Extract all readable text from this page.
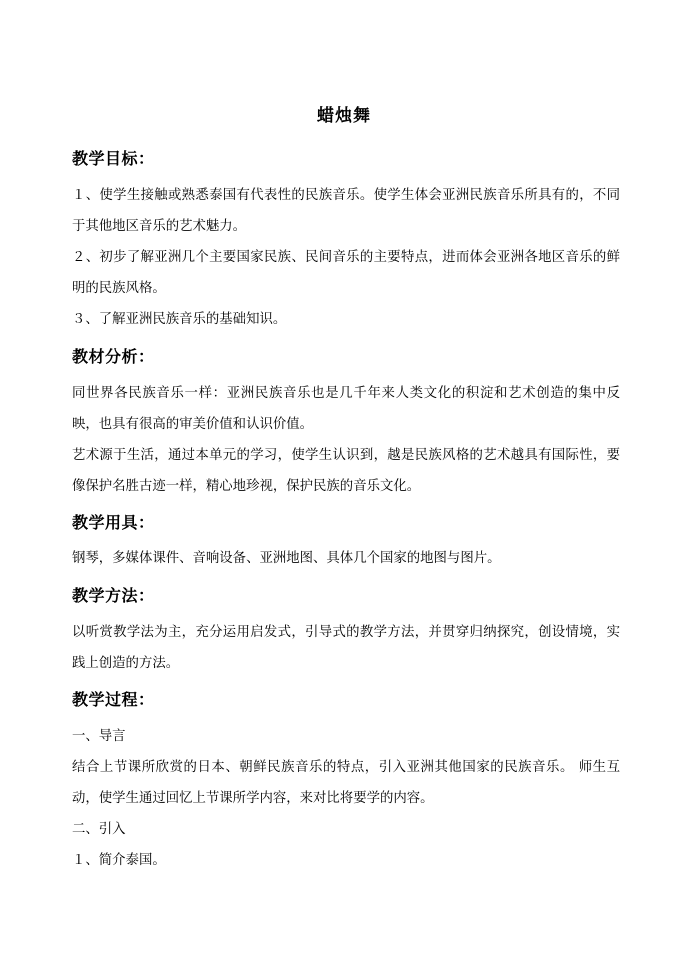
蜡烛舞
教学目标：
１、使学生接触或熟悉泰国有代表性的民族音乐。使学生体会亚洲民族音乐所具有的，不同于其他地区音乐的艺术魅力。
２、初步了解亚洲几个主要国家民族、民间音乐的主要特点，进而体会亚洲各地区音乐的鲜明的民族风格。
３、了解亚洲民族音乐的基础知识。
教材分析：
同世界各民族音乐一样：亚洲民族音乐也是几千年来人类文化的积淀和艺术创造的集中反映，也具有很高的审美价值和认识价值。
艺术源于生活，通过本单元的学习，使学生认识到，越是民族风格的艺术越具有国际性，要像保护名胜古迹一样，精心地珍视，保护民族的音乐文化。
教学用具：
钢琴，多媒体课件、音响设备、亚洲地图、具体几个国家的地图与图片。
教学方法：
以听赏教学法为主，充分运用启发式，引导式的教学方法，并贯穿归纳探究，创设情境，实践上创造的方法。
教学过程：
一、导言
结合上节课所欣赏的日本、朝鲜民族音乐的特点，引入亚洲其他国家的民族音乐。 师生互动，使学生通过回忆上节课所学内容，来对比将要学的内容。
二、引入
１、简介泰国。
